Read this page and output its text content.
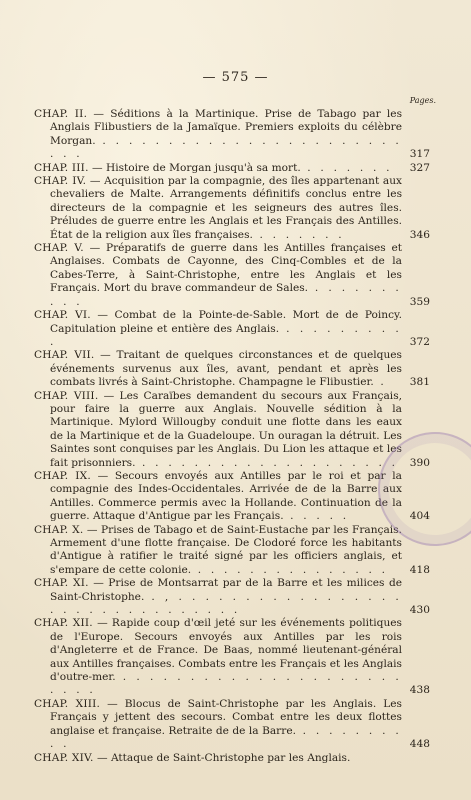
— 575 —
Pages.

CHAP. II. — Séditions à la Martinique. Prise de Tabago par les Anglais Flibustiers de la Jamaïque. Premiers exploits du célèbre Morgan. . . . . . . . . . . . . . . . . . . . . . . . . . .	317

CHAP. III. — Histoire de Morgan jusqu'à sa mort. . . . . . . . 327

CHAP. IV. — Acquisition par la compagnie, des îles appartenant aux chevaliers de Malte. Arrangements définitifs conclus entre les directeurs de la compagnie et les seigneurs des autres îles. Préludes de guerre entre les Anglais et les Français des Antilles. État de la religion aux îles françaises. . . . . . . .	346

CHAP. V. — Préparatifs de guerre dans les Antilles françaises et Anglaises. Combats de Cayonne, des Cinq-Combles et de la Cabes-Terre, à Saint-Christophe, entre les Anglais et les Français. Mort du brave commandeur de Sales. . . . . . . . . . .	359

CHAP. VI. — Combat de la Pointe-de-Sable. Mort de de Poincy. Capitulation pleine et entière des Anglais. . . . . . . . . . .	372

CHAP. VII. — Traitant de quelques circonstances et de quelques événements survenus aux îles, avant, pendant et après les combats livrés à Saint-Christophe. Champagne le Flibustier. . 381

CHAP. VIII. — Les Caraïbes demandent du secours aux Français, pour faire la guerre aux Anglais. Nouvelle sédition à la Martinique. Mylord Willougby conduit une flotte dans les eaux de la Martinique et de la Guadeloupe. Un ouragan la détruit. Les Saintes sont conquises par les Anglais. Du Lion les attaque et les fait prisonniers. . . . . . . . . . . . . . . . . . . . . 390

CHAP. IX. — Secours envoyés aux Antilles par le roi et par la compagnie des Indes-Occidentales. Arrivée de de la Barre aux Antilles. Commerce permis avec la Hollande. Continuation de la guerre. Attaque d'Antigue par les Français. . . . . .	404

CHAP. X. — Prises de Tabago et de Saint-Eustache par les Français. Armement d'une flotte française. De Clodoré force les habitants d'Antigue à ratifier le traité signé par les officiers anglais, et s'empare de cette colonie. . . . . . . . . . . . . . . . 418

CHAP. XI. — Prise de Montsarrat par de la Barre et les milices de Saint-Christophe. . , . . . . . . . . . . . . . . . . . . . . . . . . . . . . . . . .	430

CHAP. XII. — Rapide coup d'œil jeté sur les événements politiques de l'Europe. Secours envoyés aux Antilles par les rois d'Angleterre et de France. De Baas, nommé lieutenant-général aux Antilles françaises. Combats entre les Français et les Anglais d'outre-mer. . . . . . . . . . . . . . . . . . . . . . . . . .	438

CHAP. XIII. — Blocus de Saint-Christophe par les Anglais. Les Français y jettent des secours. Combat entre les deux flottes anglaise et française. Retraite de de la Barre. . . . . . . . . . .	448

CHAP. XIV. — Attaque de Saint-Christophe par les Anglais.
